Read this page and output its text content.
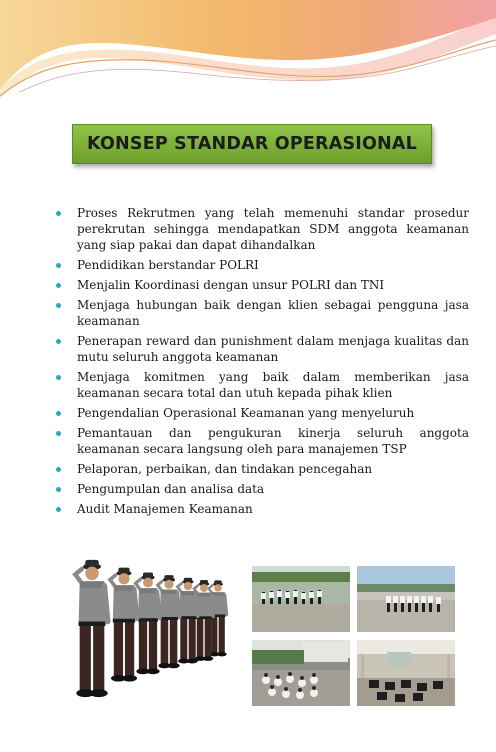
KONSEP STANDAR OPERASIONAL
Proses Rekrutmen yang telah memenuhi standar prosedur perekrutan sehingga mendapatkan SDM anggota keamanan yang siap pakai dan dapat dihandalkan
Pendidikan berstandar POLRI
Menjalin Koordinasi dengan unsur POLRI dan TNI
Menjaga hubungan baik dengan klien sebagai pengguna jasa keamanan
Penerapan reward dan punishment dalam menjaga kualitas dan mutu seluruh anggota keamanan
Menjaga komitmen yang baik dalam memberikan jasa keamanan secara total dan utuh kepada pihak klien
Pengendalian Operasional Keamanan yang menyeluruh
Pemantauan dan pengukuran kinerja seluruh anggota keamanan secara langsung oleh para manajemen TSP
Pelaporan, perbaikan, dan tindakan pencegahan
Pengumpulan dan analisa data
Audit Manajemen Keamanan
